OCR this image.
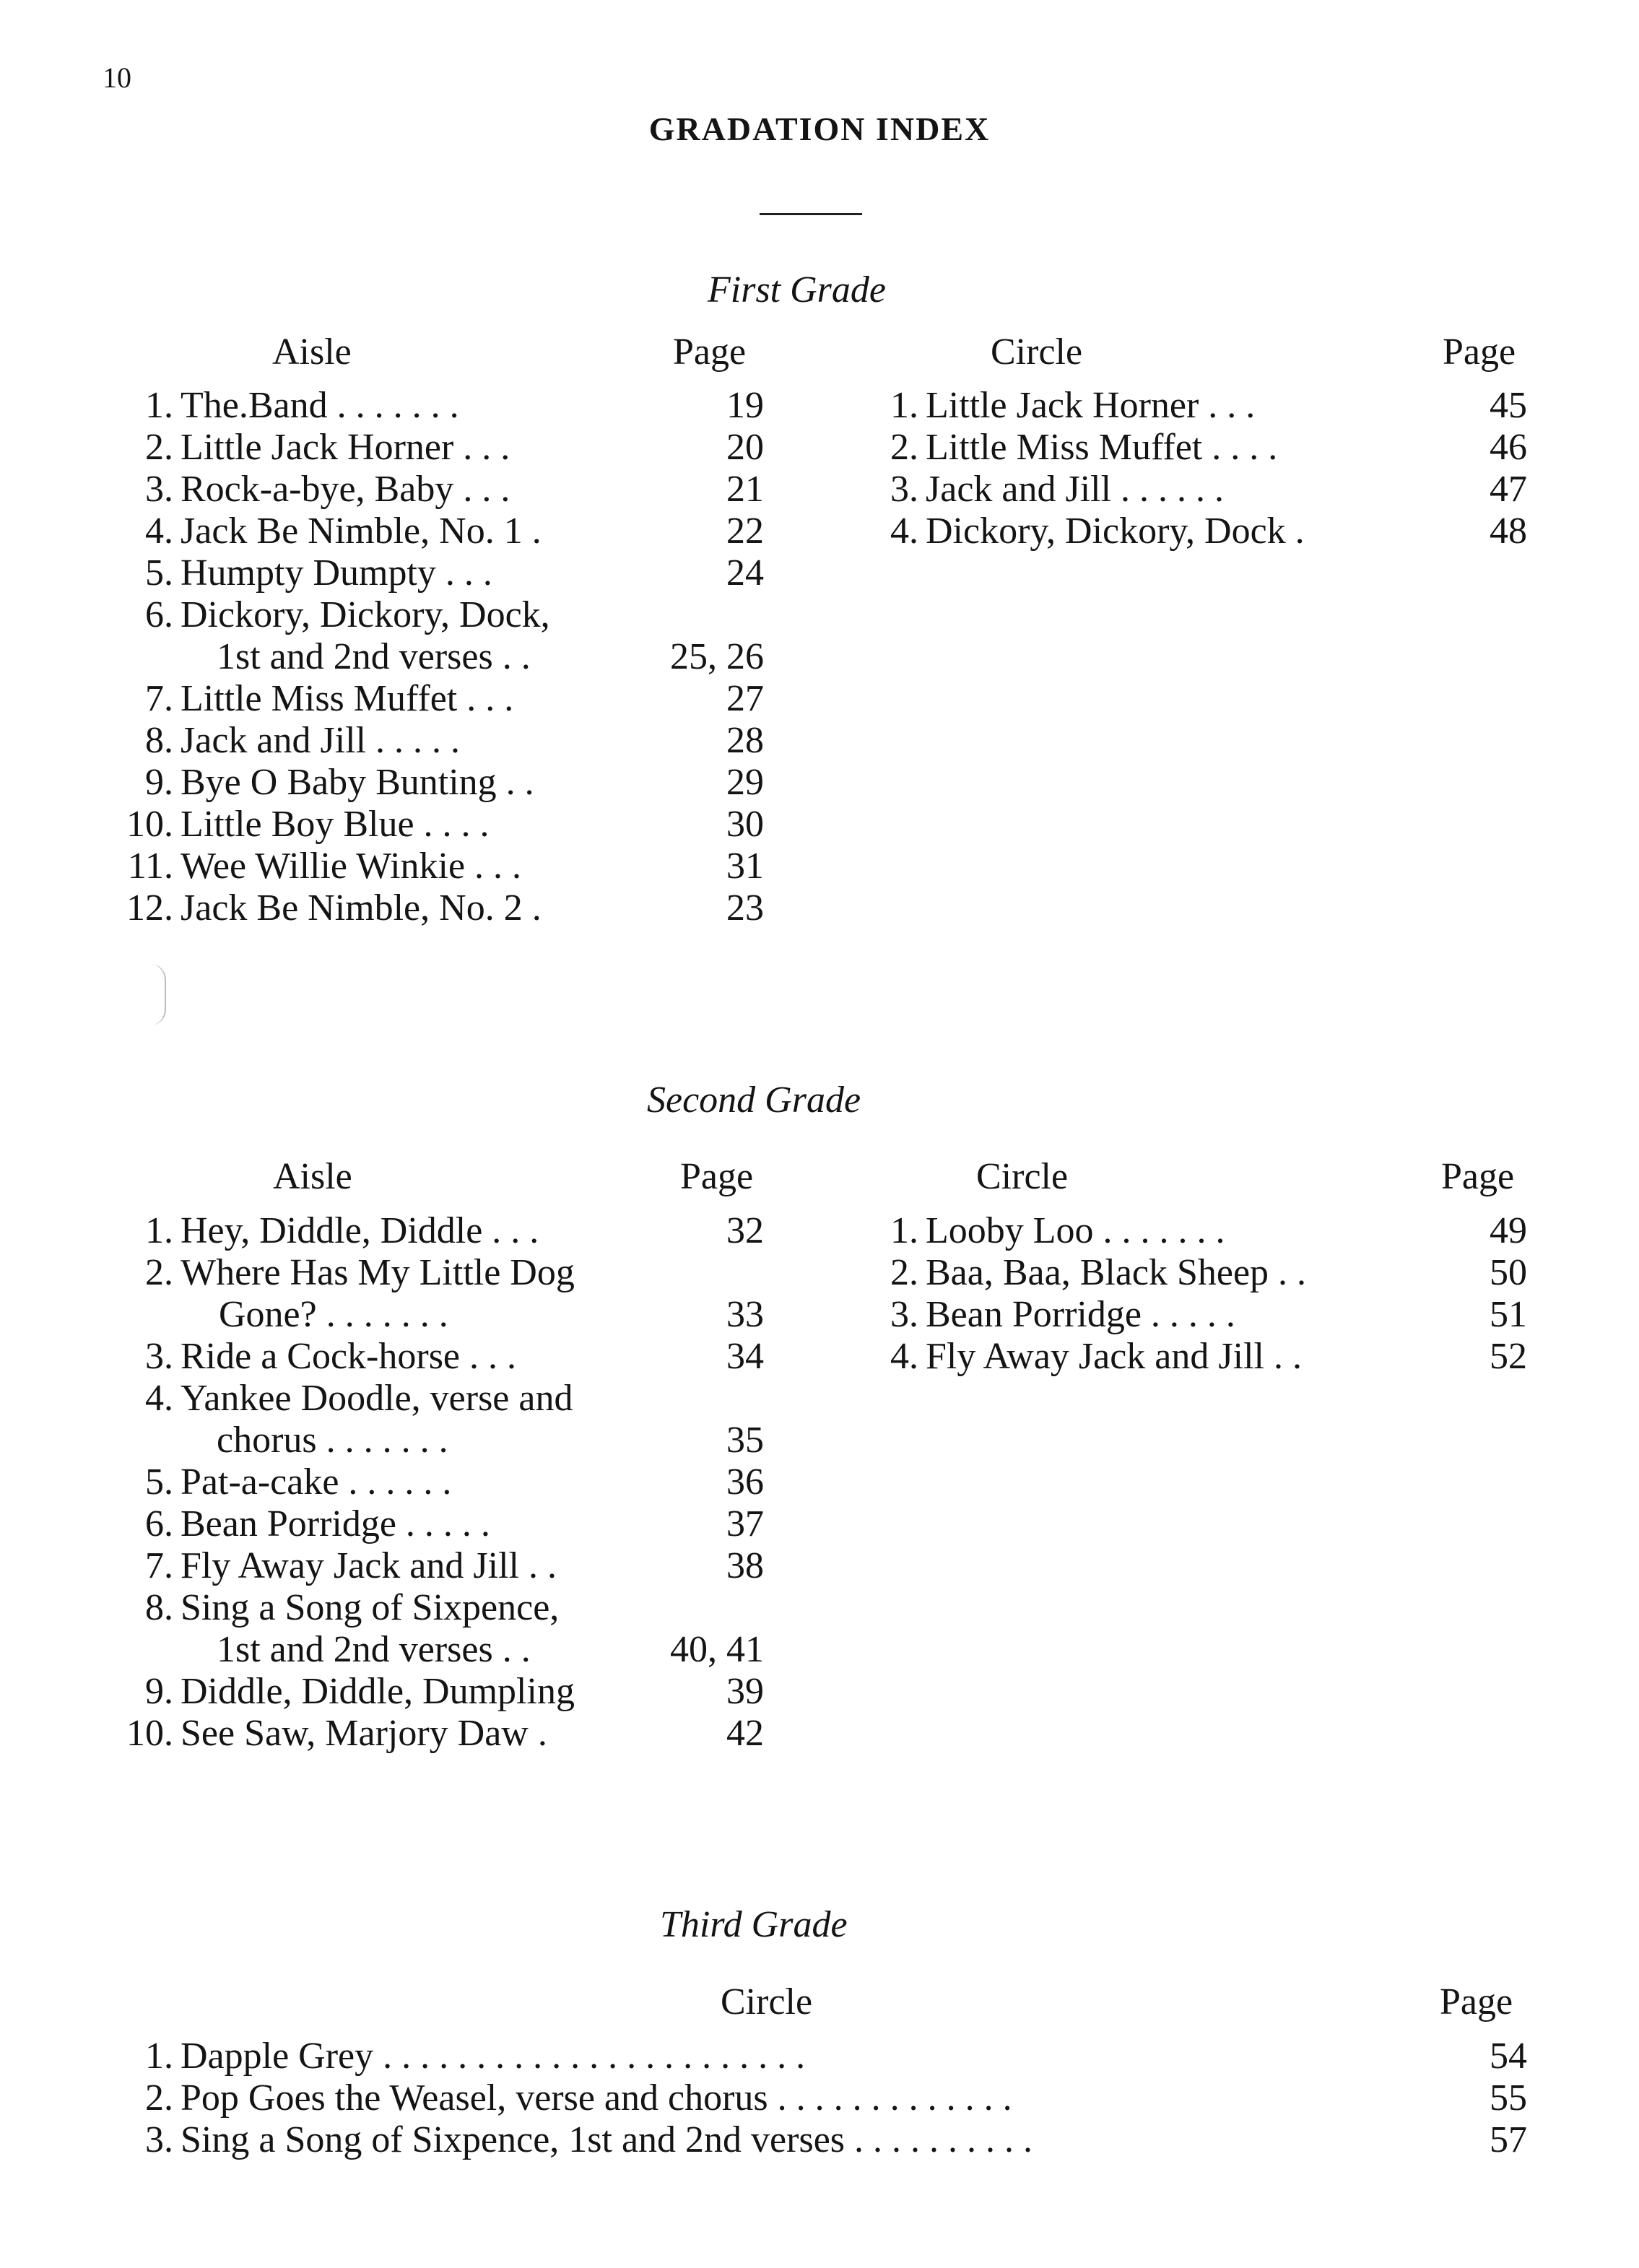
10
GRADATION INDEX
First Grade
Aisle	Page
1. The.Band . . . . . . .	19
2. Little Jack Horner . . .	20
3. Rock-a-bye, Baby . . .	21
4. Jack Be Nimble, No. 1 .	22
5. Humpty Dumpty . . .	24
6. Dickory, Dickory, Dock,
1st and 2nd verses . .	25, 26
7. Little Miss Muffet . . .	27
8. Jack and Jill . . . . .	28
9. Bye O Baby Bunting . .	29
10. Little Boy Blue . . . .	30
11. Wee Willie Winkie . . .	31
12. Jack Be Nimble, No. 2 .	23
Circle	Page
1. Little Jack Horner . . .	45
2. Little Miss Muffet . . . .	46
3. Jack and Jill . . . . . .	47
4. Dickory, Dickory, Dock .	48
Second Grade
Aisle	Page
1. Hey, Diddle, Diddle . . .	32
2. Where Has My Little Dog
Gone? . . . . . . .	33
3. Ride a Cock-horse . . .	34
4. Yankee Doodle, verse and
chorus . . . . . . .	35
5. Pat-a-cake . . . . . .	36
6. Bean Porridge . . . . .	37
7. Fly Away Jack and Jill . .	38
8. Sing a Song of Sixpence,
1st and 2nd verses . .	40, 41
9. Diddle, Diddle, Dumpling	39
10. See Saw, Marjory Daw .	42
Circle	Page
1. Looby Loo . . . . . . .	49
2. Baa, Baa, Black Sheep . .	50
3. Bean Porridge . . . . .	51
4. Fly Away Jack and Jill . .	52
Third Grade
Circle	Page
1. Dapple Grey . . . . . . . . . . . . . . . . . . . . . . .	54
2. Pop Goes the Weasel, verse and chorus . . . . . . . . . . . . .	55
3. Sing a Song of Sixpence, 1st and 2nd verses . . . . . . . . . .	57
